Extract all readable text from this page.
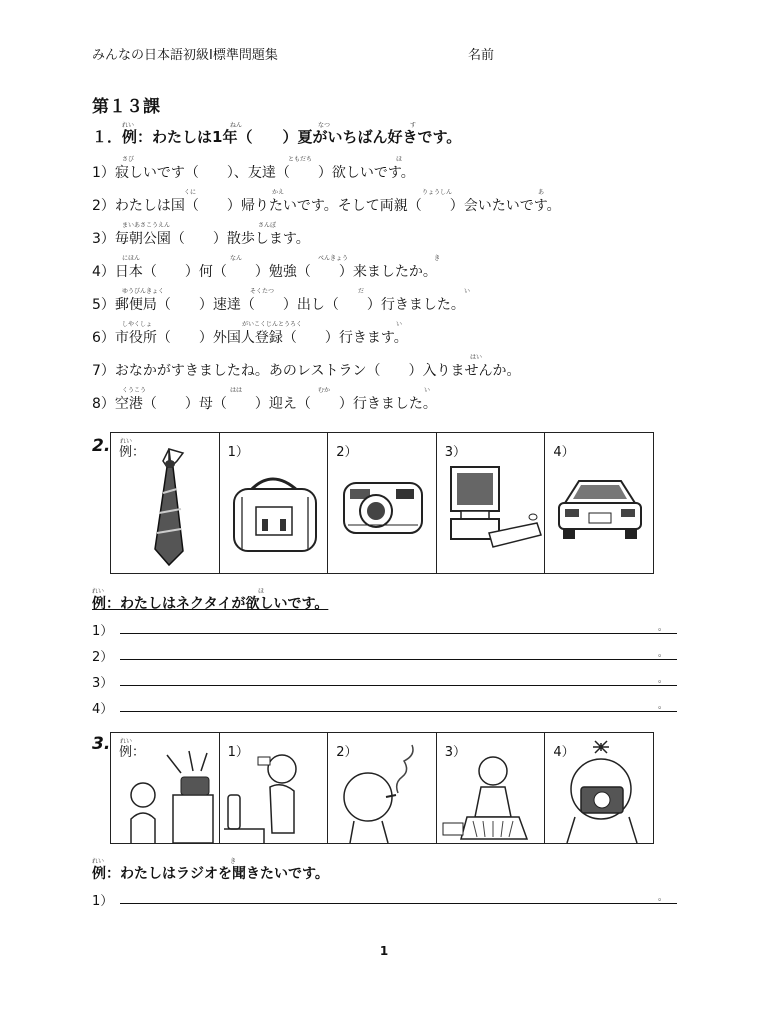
みんなの日本語初級Ⅰ標準問題集	名前
第１３課
れい	ねん	なつ	す
１．例：わたしは1年（　　）夏がいちばん好きです。
さび	ともだち	ほ
1）寂しいです（　　）、友達（　　）欲しいです。
くに	かえ	りょうしん	あ
2）わたしは国（　　）帰りたいです。そして両親（　　）会いたいです。
まいあさこうえん	さんぽ
3）毎朝公園（　　）散歩します。
にほん	なん	べんきょう	き
4）日本（　　）何（　　）勉強（　　）来ましたか。
ゆうびんきょく	そくたつ	だ	い
5）郵便局（　　）速達（　　）出し（　　）行きました。
しやくしょ	がいこくじんとうろく	い
6）市役所（　　）外国人登録（　　）行きます。
はい
7）おなかがすきましたね。あのレストラン（　　）入りませんか。
くうこう	はは	むか	い
8）空港（　　）母（　　）迎え（　　）行きました。
2. れい
例：	1）	2）	3）	4）
れい	ほ
例：わたしはネクタイが欲しいです。
1）	。
2）	。
3）	。
4）	。
3. れい
例：	1）	2）	3）	4）
れい	き
例：わたしはラジオを聞きたいです。
1）	。
1
